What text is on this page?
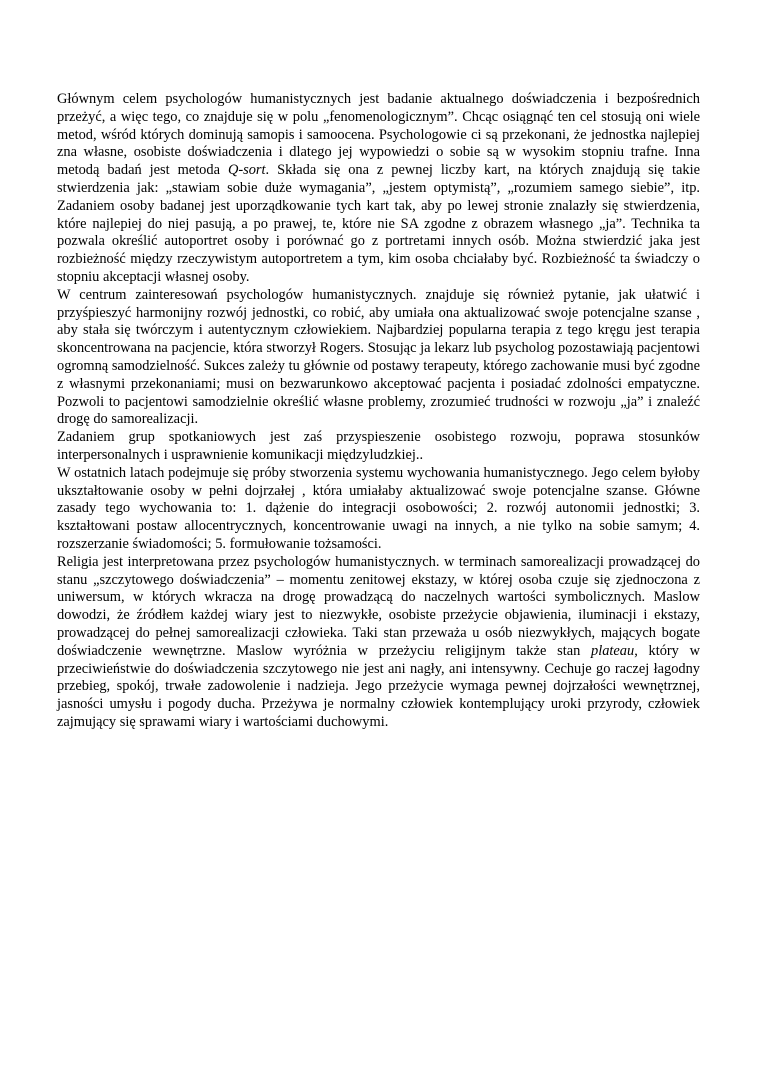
Głównym celem psychologów humanistycznych jest badanie aktualnego doświadczenia i bezpośrednich przeżyć, a więc tego, co znajduje się w polu „fenomenologicznym”. Chcąc osiągnąć ten cel stosują oni wiele metod, wśród których dominują samopis i samoocena. Psychologowie ci są przekonani, że jednostka najlepiej zna własne, osobiste doświadczenia i dlatego jej wypowiedzi o sobie są w wysokim stopniu trafne. Inna metodą badań jest metoda Q-sort. Składa się ona z pewnej liczby kart, na których znajdują się takie stwierdzenia jak: „stawiam sobie duże wymagania”, „jestem optymistą”, „rozumiem samego siebie”, itp. Zadaniem osoby badanej jest uporządkowanie tych kart tak, aby po lewej stronie znalazły się stwierdzenia, które najlepiej do niej pasują, a po prawej, te, które nie SA zgodne z obrazem własnego „ja”. Technika ta pozwala określić autoportret osoby i porównać go z portretami innych osób. Można stwierdzić jaka jest rozbieżność między rzeczywistym autoportretem a tym, kim osoba chciałaby być. Rozbieżność ta świadczy o stopniu akceptacji własnej osoby.

W centrum zainteresowań psychologów humanistycznych. znajduje się również pytanie, jak ułatwić i przyśpieszyć harmonijny rozwój jednostki, co robić, aby umiała ona aktualizować swoje potencjalne szanse , aby stała się twórczym i autentycznym człowiekiem. Najbardziej popularna terapia z tego kręgu jest terapia skoncentrowana na pacjencie, która stworzył Rogers. Stosując ja lekarz lub psycholog pozostawiają pacjentowi ogromną samodzielność. Sukces zależy tu głównie od postawy terapeuty, którego zachowanie musi być zgodne z własnymi przekonaniami; musi on bezwarunkowo akceptować pacjenta i posiadać zdolności empatyczne. Pozwoli to pacjentowi samodzielnie określić własne problemy, zrozumieć trudności w rozwoju „ja” i znaleźć drogę do samorealizacji.

Zadaniem grup spotkaniowych jest zaś przyspieszenie osobistego rozwoju, poprawa stosunków interpersonalnych i usprawnienie komunikacji międzyludzkiej..

W ostatnich latach podejmuje się próby stworzenia systemu wychowania humanistycznego. Jego celem byłoby ukształtowanie osoby w pełni dojrzałej , która umiałaby aktualizować swoje potencjalne szanse. Główne zasady tego wychowania to: 1. dążenie do integracji osobowości; 2. rozwój autonomii jednostki; 3. kształtowani postaw allocentrycznych, koncentrowanie uwagi na innych, a nie tylko na sobie samym; 4. rozszerzanie świadomości; 5. formułowanie tożsamości.

Religia jest interpretowana przez psychologów humanistycznych. w terminach samorealizacji prowadzącej do stanu „szczytowego doświadczenia” – momentu zenitowej ekstazy, w której osoba czuje się zjednoczona z uniwersum, w których wkracza na drogę prowadzącą do naczelnych wartości symbolicznych. Maslow dowodzi, że źródłem każdej wiary jest to niezwykłe, osobiste przeżycie objawienia, iluminacji i ekstazy, prowadzącej do pełnej samorealizacji człowieka. Taki stan przeważa u osób niezwykłych, mających bogate doświadczenie wewnętrzne. Maslow wyróżnia w przeżyciu religijnym także stan plateau, który w przeciwieństwie do doświadczenia szczytowego nie jest ani nagły, ani intensywny. Cechuje go raczej łagodny przebieg, spokój, trwałe zadowolenie i nadzieja. Jego przeżycie wymaga pewnej dojrzałości wewnętrznej, jasności umysłu i pogody ducha. Przeżywa je normalny człowiek kontemplujący uroki przyrody, człowiek zajmujący się sprawami wiary i wartościami duchowymi.
